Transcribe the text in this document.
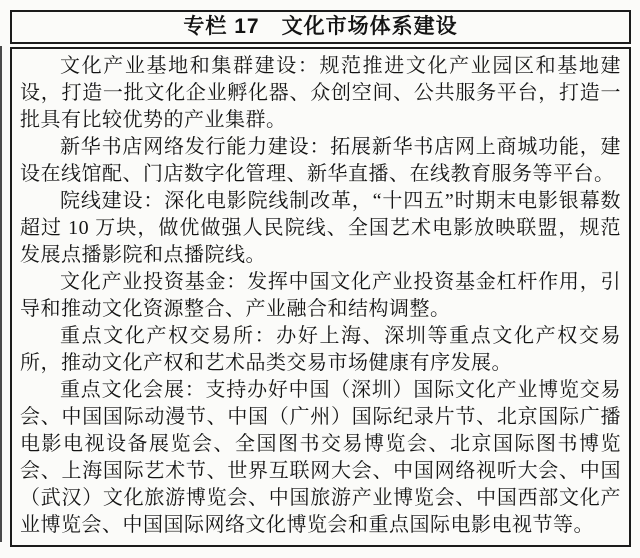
专栏 17　文化市场体系建设

文化产业基地和集群建设：规范推进文化产业园区和基地建设，打造一批文化企业孵化器、众创空间、公共服务平台，打造一批具有比较优势的产业集群。

新华书店网络发行能力建设：拓展新华书店网上商城功能，建设在线馆配、门店数字化管理、新华直播、在线教育服务等平台。

院线建设：深化电影院线制改革，“十四五”时期末电影银幕数超过 10 万块，做优做强人民院线、全国艺术电影放映联盟，规范发展点播影院和点播院线。

文化产业投资基金：发挥中国文化产业投资基金杠杆作用，引导和推动文化资源整合、产业融合和结构调整。

重点文化产权交易所：办好上海、深圳等重点文化产权交易所，推动文化产权和艺术品类交易市场健康有序发展。

重点文化会展：支持办好中国（深圳）国际文化产业博览交易会、中国国际动漫节、中国（广州）国际纪录片节、北京国际广播电影电视设备展览会、全国图书交易博览会、北京国际图书博览会、上海国际艺术节、世界互联网大会、中国网络视听大会、中国（武汉）文化旅游博览会、中国旅游产业博览会、中国西部文化产业博览会、中国国际网络文化博览会和重点国际电影电视节等。
